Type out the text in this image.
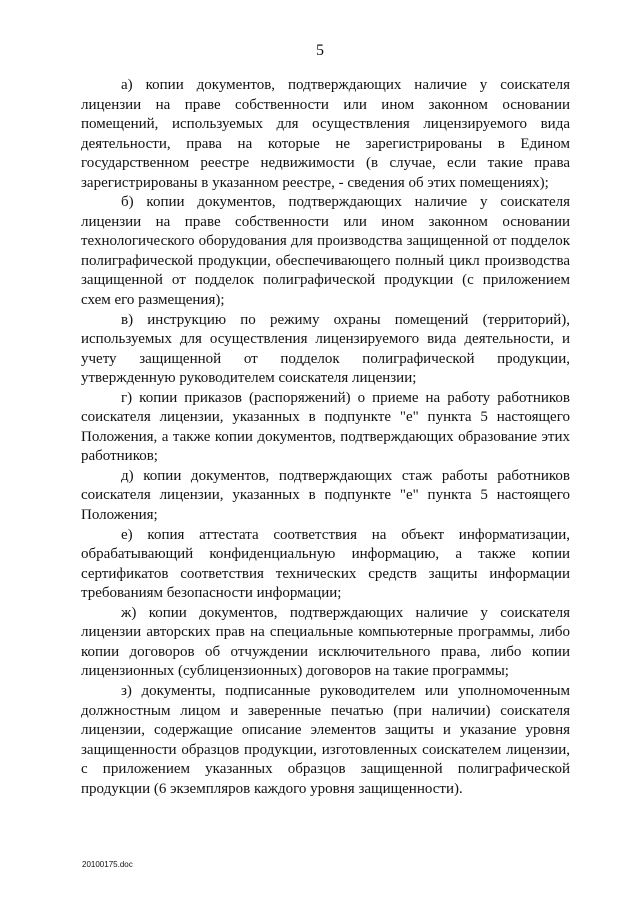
5

а) копии документов, подтверждающих наличие у соискателя лицензии на праве собственности или ином законном основании помещений, используемых для осуществления лицензируемого вида деятельности, права на которые не зарегистрированы в Едином государственном реестре недвижимости (в случае, если такие права зарегистрированы в указанном реестре, - сведения об этих помещениях);

б) копии документов, подтверждающих наличие у соискателя лицензии на праве собственности или ином законном основании технологического оборудования для производства защищенной от подделок полиграфической продукции, обеспечивающего полный цикл производства защищенной от подделок полиграфической продукции (с приложением схем его размещения);

в) инструкцию по режиму охраны помещений (территорий), используемых для осуществления лицензируемого вида деятельности, и учету защищенной от подделок полиграфической продукции, утвержденную руководителем соискателя лицензии;

г) копии приказов (распоряжений) о приеме на работу работников соискателя лицензии, указанных в подпункте "е" пункта 5 настоящего Положения, а также копии документов, подтверждающих образование этих работников;

д) копии документов, подтверждающих стаж работы работников соискателя лицензии, указанных в подпункте "е" пункта 5 настоящего Положения;

е) копия аттестата соответствия на объект информатизации, обрабатывающий конфиденциальную информацию, а также копии сертификатов соответствия технических средств защиты информации требованиям безопасности информации;

ж) копии документов, подтверждающих наличие у соискателя лицензии авторских прав на специальные компьютерные программы, либо копии договоров об отчуждении исключительного права, либо копии лицензионных (сублицензионных) договоров на такие программы;

з) документы, подписанные руководителем или уполномоченным должностным лицом и заверенные печатью (при наличии) соискателя лицензии, содержащие описание элементов защиты и указание уровня защищенности образцов продукции, изготовленных соискателем лицензии, с приложением указанных образцов защищенной полиграфической продукции (6 экземпляров каждого уровня защищенности).

20100175.doc
